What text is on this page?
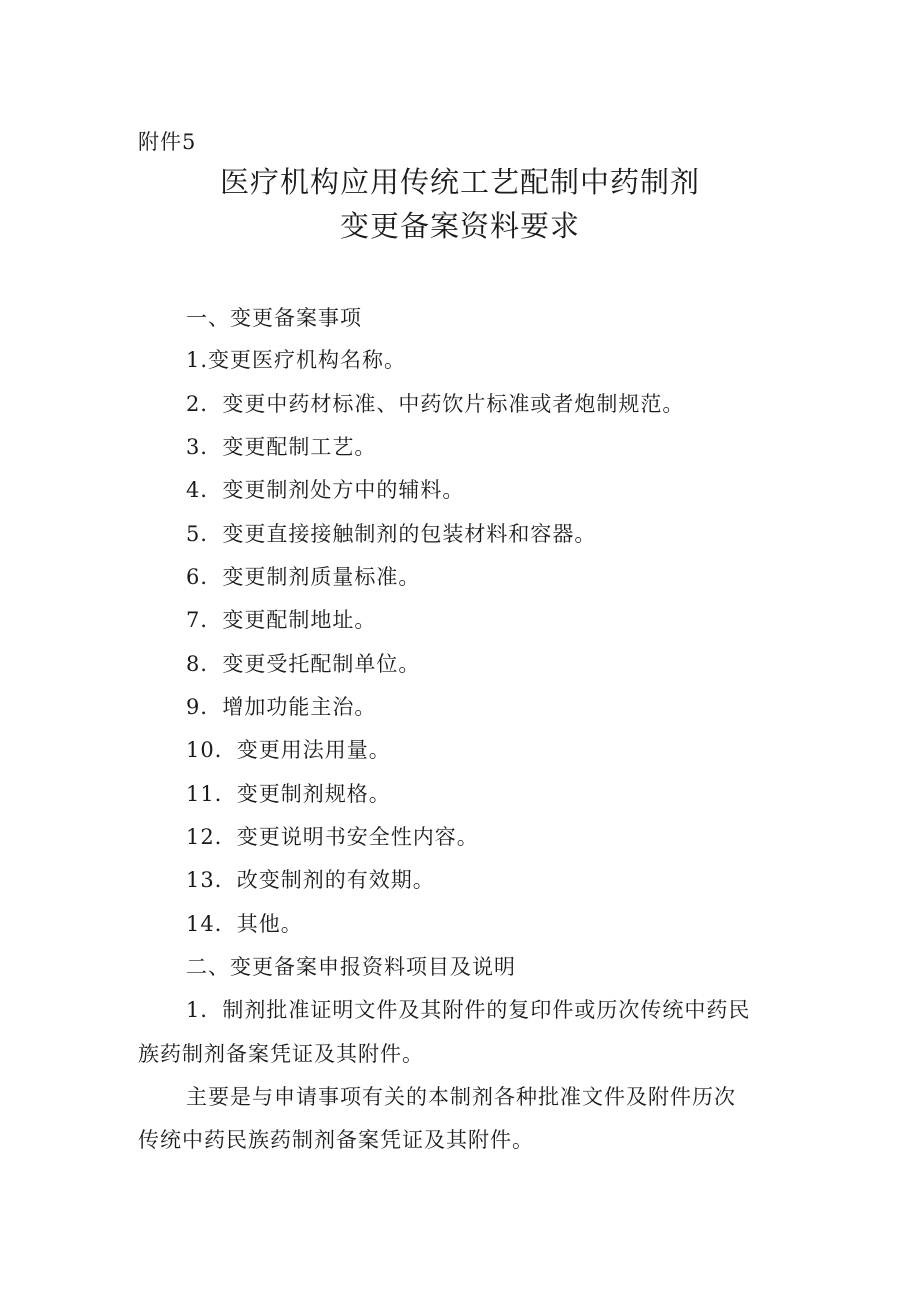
附件5
医疗机构应用传统工艺配制中药制剂
变更备案资料要求
一、变更备案事项
1.变更医疗机构名称。
2．变更中药材标准、中药饮片标准或者炮制规范。
3．变更配制工艺。
4．变更制剂处方中的辅料。
5．变更直接接触制剂的包装材料和容器。
6．变更制剂质量标准。
7．变更配制地址。
8．变更受托配制单位。
9．增加功能主治。
10．变更用法用量。
11．变更制剂规格。
12．变更说明书安全性内容。
13．改变制剂的有效期。
14．其他。
二、变更备案申报资料项目及说明
1．制剂批准证明文件及其附件的复印件或历次传统中药民
族药制剂备案凭证及其附件。
主要是与申请事项有关的本制剂各种批准文件及附件历次
传统中药民族药制剂备案凭证及其附件。
